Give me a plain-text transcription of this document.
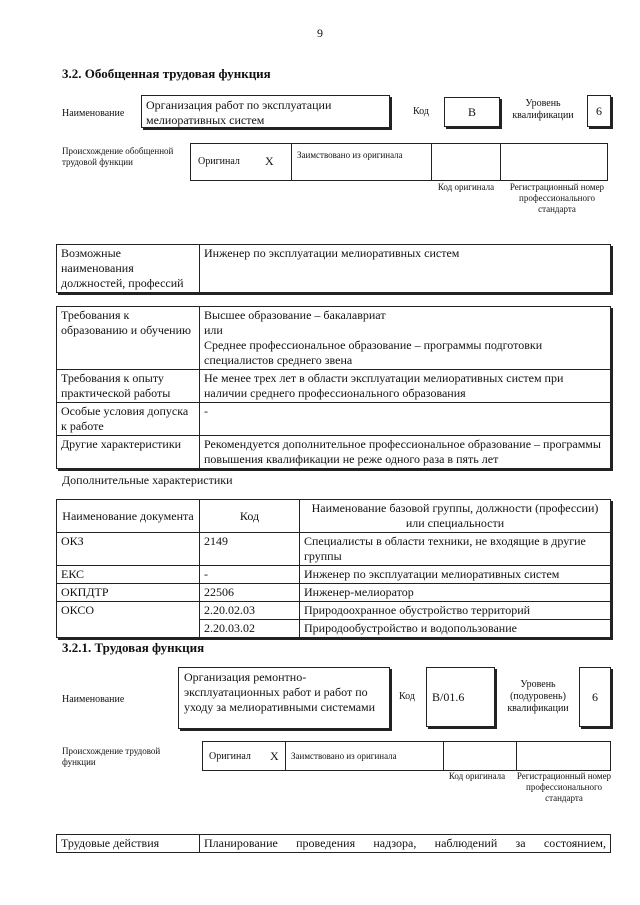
9
3.2. Обобщенная трудовая функция
Наименование
Организация работ по эксплуатации мелиоративных систем
Код	B
Уровень квалификации	6
Происхождение обобщенной трудовой функции	Оригинал X	Заимствовано из оригинала
Код оригинала	Регистрационный номер профессионального стандарта
Возможные наименования должностей, профессий	Инженер по эксплуатации мелиоративных систем
Требования к образованию и обучению	Высшее образование – бакалавриат
или
Среднее профессиональное образование – программы подготовки специалистов среднего звена

Требования к опыту практической работы	Не менее трех лет в области эксплуатации мелиоративных систем при наличии среднего профессионального образования
Особые условия допуска к работе	-
Другие характеристики	Рекомендуется дополнительное профессиональное образование – программы повышения квалификации не реже одного раза в пять лет
Дополнительные характеристики
Наименование документа	Код	Наименование базовой группы, должности (профессии) или специальности
ОКЗ	2149	Специалисты в области техники, не входящие в другие группы
ЕКС	-	Инженер по эксплуатации мелиоративных систем
ОКПДТР	22506	Инженер-мелиоратор
ОКСО	2.20.02.03	Природоохранное обустройство территорий
	2.20.03.02	Природообустройство и водопользование
3.2.1. Трудовая функция
Наименование
Организация ремонтно-эксплуатационных работ и работ по уходу за мелиоративными системами
Код	B/01.6
Уровень (подуровень) квалификации
6
Происхождение трудовой функции	Оригинал X Заимствовано из оригинала
Код оригинала	Регистрационный номер профессионального стандарта
Трудовые действия	Планирование проведения надзора, наблюдений за состоянием,
